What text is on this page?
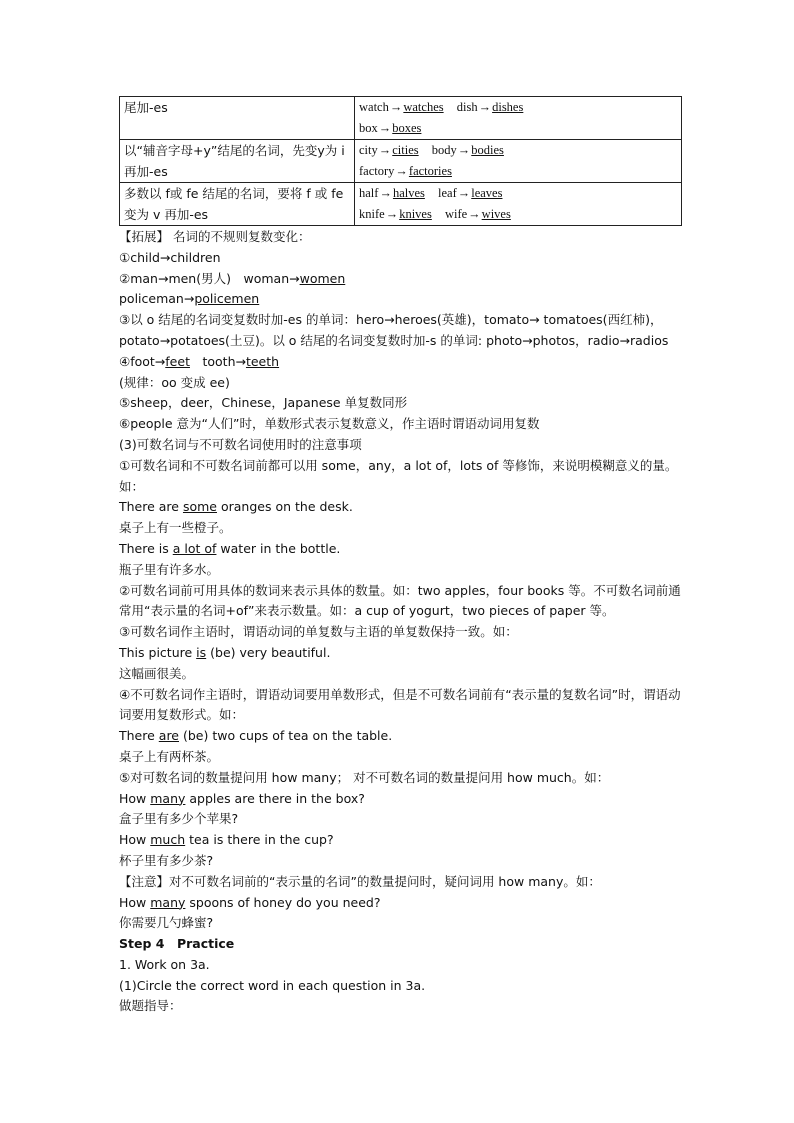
尾加-es	watch→watches dish→dishes
box→boxes

以“辅音字母+y”结尾的名词，先变y为 i 再加-es	city→cities body→bodies
factory→factories

多数以 f或 fe 结尾的名词，要将 f 或 fe 变为 v 再加-es	half→halves leaf→leaves
knife→knives wife→wives
【拓展】 名词的不规则复数变化：
①child→children
②man→men(男人)　woman→women
policeman→policemen
③以 o 结尾的名词变复数时加-es 的单词：hero→heroes(英雄)，tomato→ tomatoes(西红柿)，
potato→potatoes(土豆)。以 o 结尾的名词变复数时加-s 的单词: photo→photos，radio→radios
④foot→feet　tooth→teeth
(规律：oo 变成 ee)
⑤sheep，deer，Chinese，Japanese 单复数同形
⑥people 意为“人们”时，单数形式表示复数意义，作主语时谓语动词用复数
(3)可数名词与不可数名词使用时的注意事项
①可数名词和不可数名词前都可以用 some，any，a lot of，lots of 等修饰，来说明模糊意义的量。如：
There are some oranges on the desk.
桌子上有一些橙子。
There is a lot of water in the bottle.
瓶子里有许多水。
②可数名词前可用具体的数词来表示具体的数量。如：two apples，four books 等。不可数名词前通常用“表示量的名词+of”来表示数量。如：a cup of yogurt，two pieces of paper 等。
③可数名词作主语时，谓语动词的单复数与主语的单复数保持一致。如：
This picture is (be) very beautiful.
这幅画很美。
④不可数名词作主语时，谓语动词要用单数形式，但是不可数名词前有“表示量的复数名词”时，谓语动词要用复数形式。如：
There are (be) two cups of tea on the table.
桌子上有两杯茶。
⑤对可数名词的数量提问用 how many； 对不可数名词的数量提问用 how much。如：
How many apples are there in the box?
盒子里有多少个苹果?
How much tea is there in the cup?
杯子里有多少茶?
【注意】对不可数名词前的“表示量的名词”的数量提问时，疑问词用 how many。如：
How many spoons of honey do you need?
你需要几勺蜂蜜?
Step 4　Practice
1. Work on 3a.
(1)Circle the correct word in each question in 3a.
做题指导：
